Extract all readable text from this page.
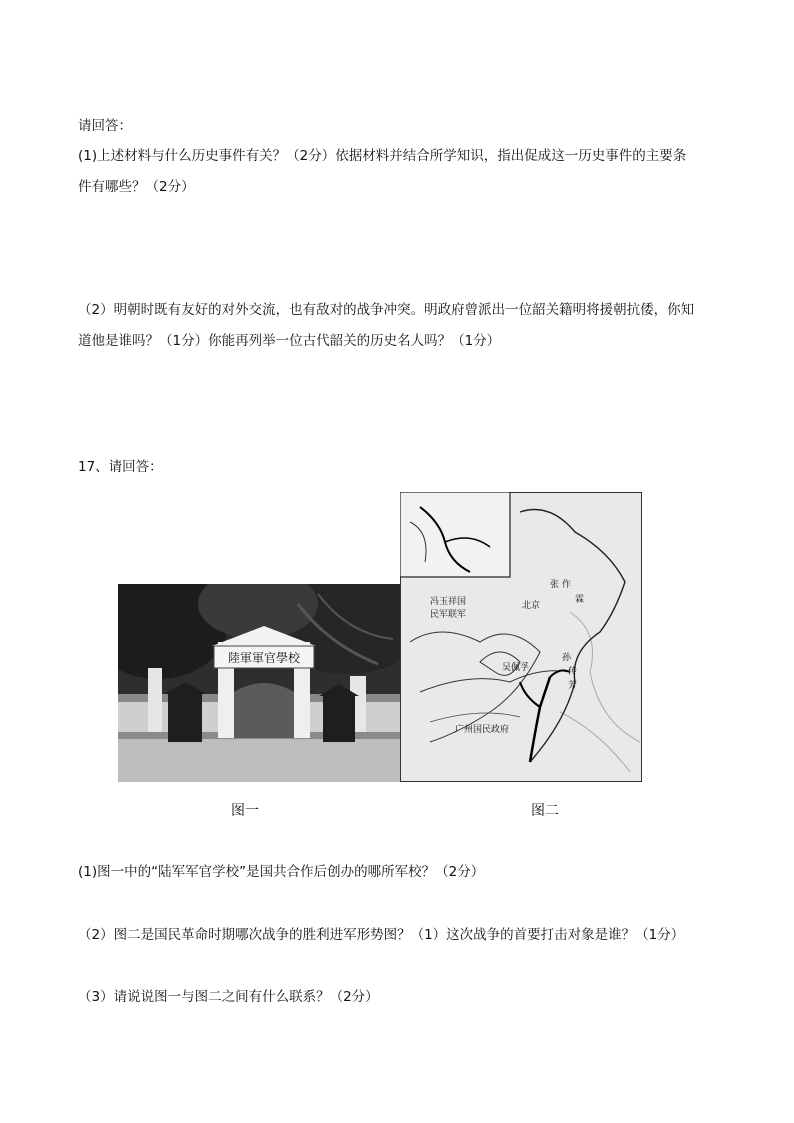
请回答：
(1)上述材料与什么历史事件有关？（2分）依据材料并结合所学知识，指出促成这一历史事件的主要条
件有哪些？（2分）
（2）明朝时既有友好的对外交流，也有敌对的战争冲突。明政府曾派出一位韶关籍明将援朝抗倭，你知
道他是谁吗？（1分）你能再列举一位古代韶关的历史名人吗？（1分）
17、请回答：
陸軍軍官學校
张 作
霖
冯玉祥国
民军联军
北京
吴佩孚
孙
传
芳
广州国民政府
图一	图二
(1)图一中的“陆军军官学校”是国共合作后创办的哪所军校？（2分）
（2）图二是国民革命时期哪次战争的胜利进军形势图？（1）这次战争的首要打击对象是谁？（1分）
（3）请说说图一与图二之间有什么联系？（2分）
